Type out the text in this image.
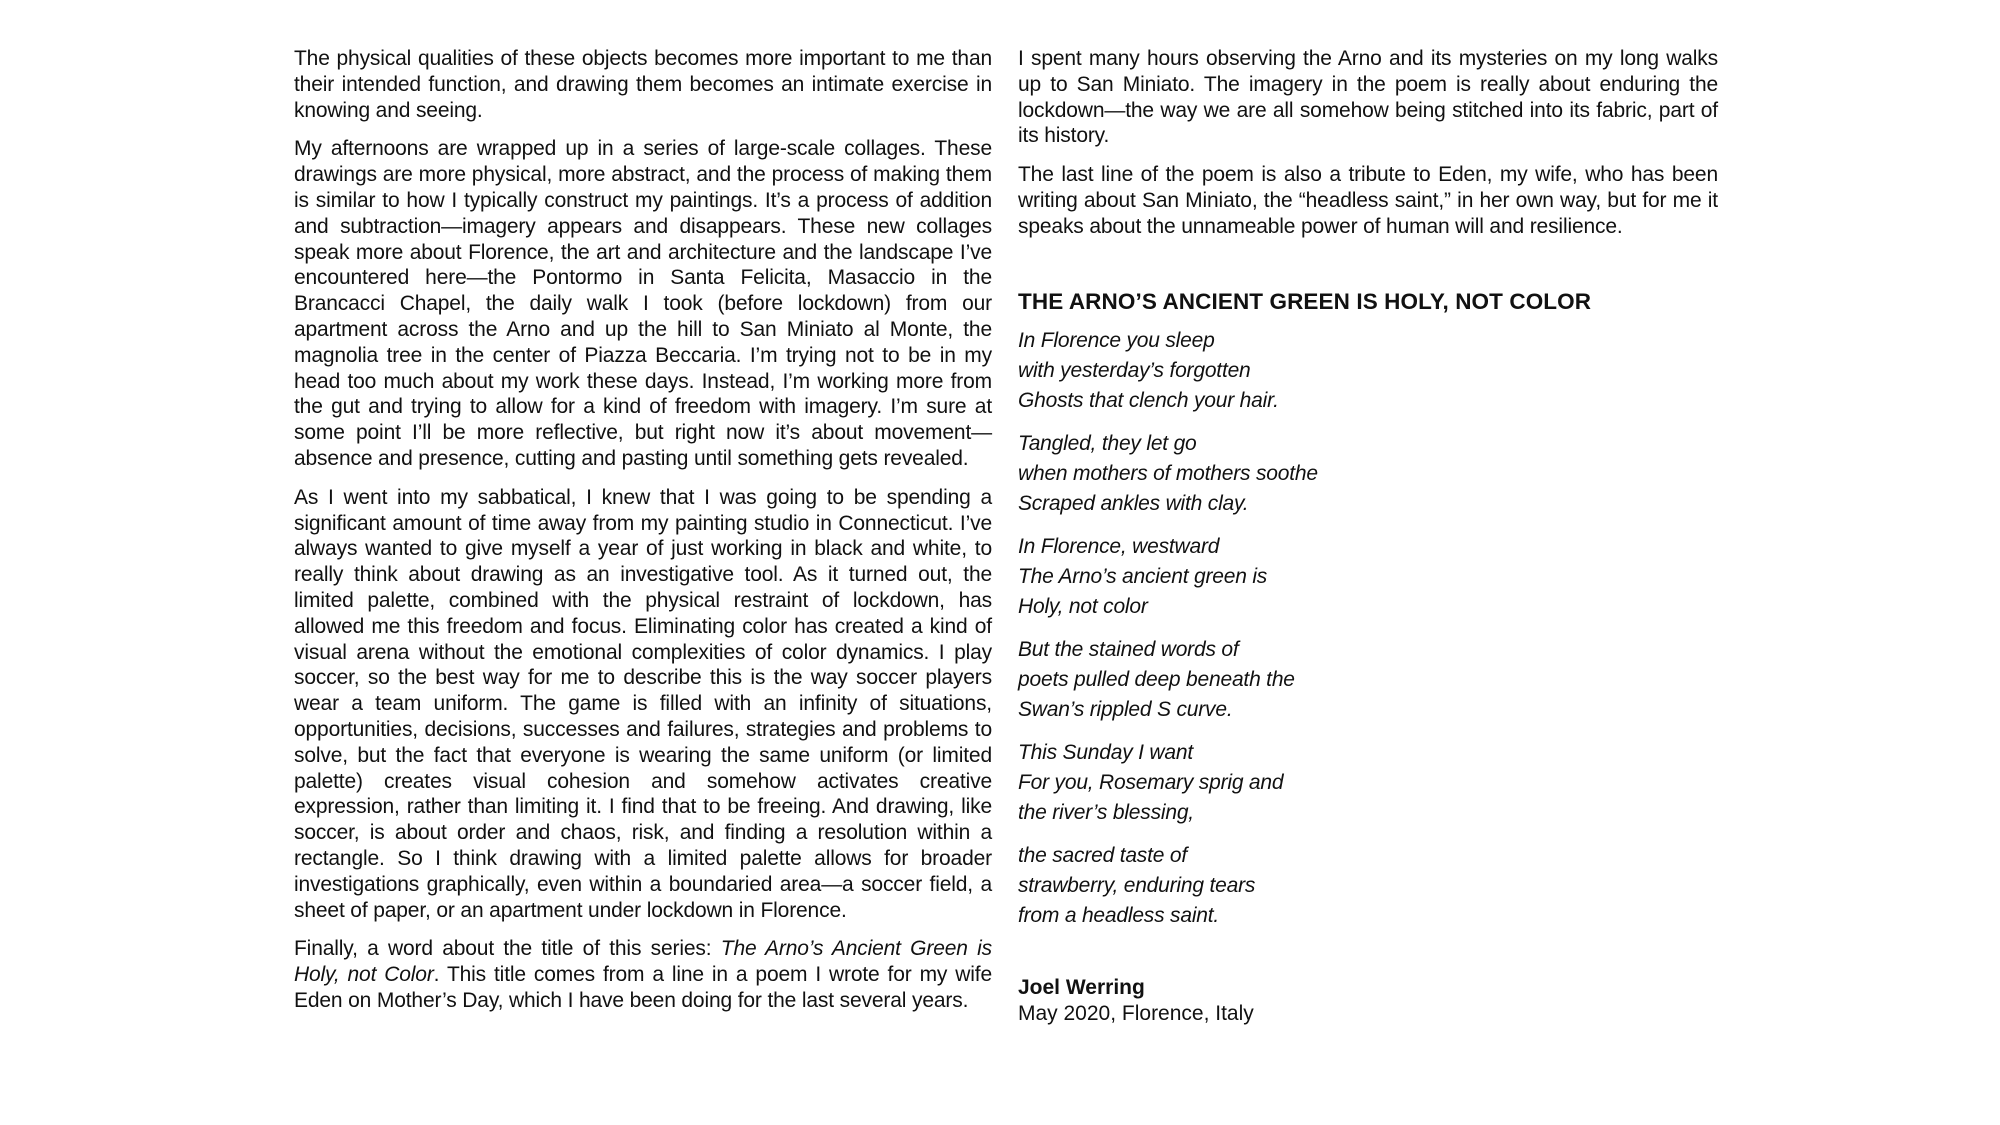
The physical qualities of these objects becomes more important to me than their intended function, and drawing them becomes an intimate exercise in knowing and seeing.

My afternoons are wrapped up in a series of large-scale collages. These drawings are more physical, more abstract, and the process of making them is similar to how I typically construct my paintings. It’s a process of addition and subtraction—imagery appears and disappears. These new collages speak more about Florence, the art and architecture and the landscape I’ve encountered here—the Pontormo in Santa Felicita, Masaccio in the Brancacci Chapel, the daily walk I took (before lockdown) from our apartment across the Arno and up the hill to San Miniato al Monte, the magnolia tree in the center of Piazza Beccaria. I’m trying not to be in my head too much about my work these days. Instead, I’m working more from the gut and trying to allow for a kind of freedom with imagery. I’m sure at some point I’ll be more reflective, but right now it’s about movement—absence and presence, cutting and pasting until something gets revealed.

As I went into my sabbatical, I knew that I was going to be spending a significant amount of time away from my painting studio in Connecticut. I’ve always wanted to give myself a year of just working in black and white, to really think about drawing as an investigative tool. As it turned out, the limited palette, combined with the physical restraint of lockdown, has allowed me this freedom and focus. Eliminating color has created a kind of visual arena without the emotional complexities of color dynamics. I play soccer, so the best way for me to describe this is the way soccer players wear a team uniform. The game is filled with an infinity of situations, opportunities, decisions, successes and failures, strategies and problems to solve, but the fact that everyone is wearing the same uniform (or limited palette) creates visual cohesion and somehow activates creative expression, rather than limiting it. I find that to be freeing. And drawing, like soccer, is about order and chaos, risk, and finding a resolution within a rectangle. So I think drawing with a limited palette allows for broader investigations graphically, even within a boundaried area—a soccer field, a sheet of paper, or an apartment under lockdown in Florence.

Finally, a word about the title of this series: The Arno’s Ancient Green is Holy, not Color. This title comes from a line in a poem I wrote for my wife Eden on Mother’s Day, which I have been doing for the last several years.

I spent many hours observing the Arno and its mysteries on my long walks up to San Miniato. The imagery in the poem is really about enduring the lockdown—the way we are all somehow being stitched into its fabric, part of its history.

The last line of the poem is also a tribute to Eden, my wife, who has been writing about San Miniato, the “headless saint,” in her own way, but for me it speaks about the unnameable power of human will and resilience.

THE ARNO’S ANCIENT GREEN IS HOLY, NOT COLOR
In Florence you sleep
with yesterday’s forgotten
Ghosts that clench your hair.
Tangled, they let go
when mothers of mothers soothe
Scraped ankles with clay.
In Florence, westward
The Arno’s ancient green is
Holy, not color
But the stained words of
poets pulled deep beneath the
Swan’s rippled S curve.
This Sunday I want
For you, Rosemary sprig and
the river’s blessing,
the sacred taste of
strawberry, enduring tears
from a headless saint.
Joel Werring
May 2020, Florence, Italy
